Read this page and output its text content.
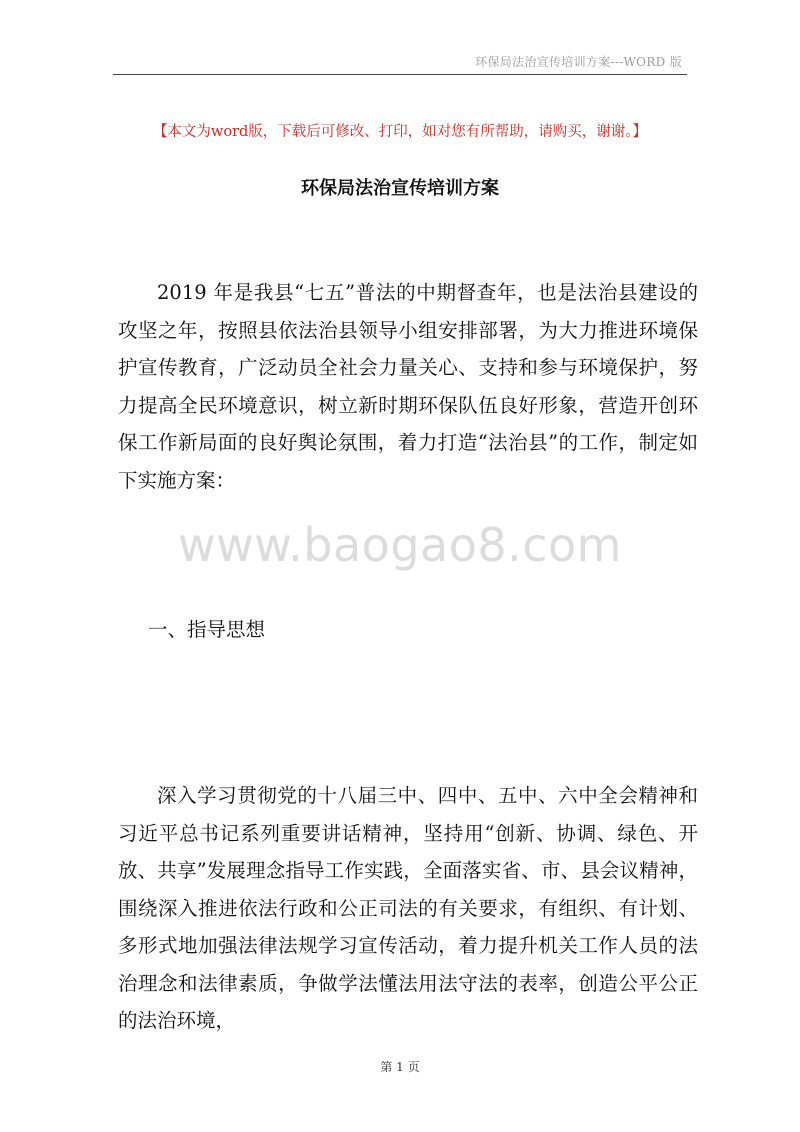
环保局法治宣传培训方案---WORD 版
【本文为word版，下载后可修改、打印，如对您有所帮助，请购买，谢谢。】
环保局法治宣传培训方案

2019 年是我县“七五”普法的中期督查年，也是法治县建设的攻坚之年，按照县依法治县领导小组安排部署，为大力推进环境保护宣传教育，广泛动员全社会力量关心、支持和参与环境保护，努力提高全民环境意识，树立新时期环保队伍良好形象，营造开创环保工作新局面的良好舆论氛围，着力打造“法治县”的工作，制定如下实施方案：

www.baogao8.com

一、指导思想

深入学习贯彻党的十八届三中、四中、五中、六中全会精神和习近平总书记系列重要讲话精神，坚持用“创新、协调、绿色、开放、共享”发展理念指导工作实践，全面落实省、市、县会议精神，围绕深入推进依法行政和公正司法的有关要求，有组织、有计划、多形式地加强法律法规学习宣传活动，着力提升机关工作人员的法治理念和法律素质，争做学法懂法用法守法的表率，创造公平公正的法治环境，

第 1 页
